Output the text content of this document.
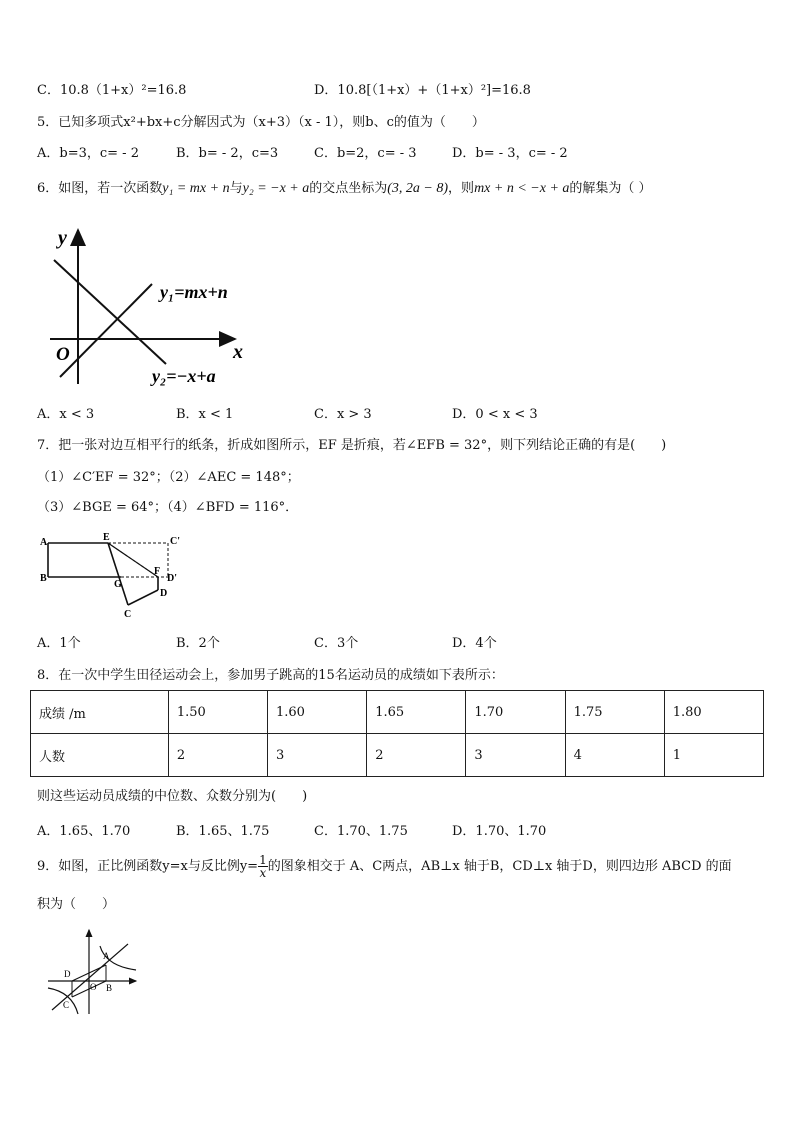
C．10.8（1+x）²=16.8	D．10.8[（1+x）+（1+x）²]=16.8
5．已知多项式x²+bx+c分解因式为（x+3）（x - 1），则b、c的值为（　　）
A．b=3，c= - 2	B．b= - 2，c=3	C．b=2，c= - 3	D．b= - 3，c= - 2
6．如图，若一次函数y₁ = mx + n与y₂ = −x + a的交点坐标为(3, 2a − 8)，则mx + n < −x + a的解集为（ ）
y
x
O
y₁=mx+n
y₂=−x+a
A．x < 3	B．x < 1	C．x > 3	D．0 < x < 3
7．把一张对边互相平行的纸条，折成如图所示，EF 是折痕，若∠EFB = 32°，则下列结论正确的有是(　　)
（1）∠C′EF = 32°；（2）∠AEC = 148°；
（3）∠BGE = 64°；（4）∠BFD = 116°．
A
B
E	C'
D'
F
G
C
D
A．1个	B．2个	C．3个	D．4个
8．在一次中学生田径运动会上，参加男子跳高的15名运动员的成绩如下表所示：
成绩 /m	1.50	1.60	1.65	1.70	1.75	1.80
人数	2	3	2	3	4	1
则这些运动员成绩的中位数、众数分别为(　　)
A．1.65、1.70	B．1.65、1.75	C．1.70、1.75	D．1.70、1.70
9．如图，正比例函数y=x与反比例$y= \frac{1}{x}$ 的图象相交于 A、C两点，AB⊥x 轴于B，CD⊥x 轴于D，则四边形 ABCD 的面
积为（　　）
A
B
C
D
O
